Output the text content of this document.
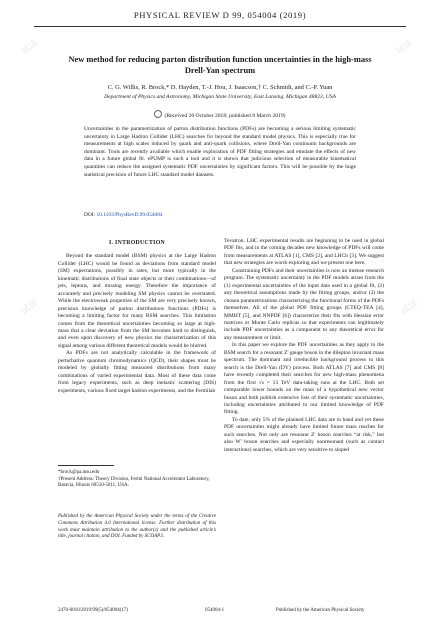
试读	试读
试读	试读
PHYSICAL REVIEW D 99, 054004 (2019)
New method for reducing parton distribution function uncertainties in the high-mass Drell-Yan spectrum
C. G. Willis, R. Brock,* D. Hayden, T.-J. Hou, J. Isaacson,† C. Schmidt, and C.-P. Yuan
Department of Physics and Astronomy, Michigan State University, East Lansing, Michigan 48823, USA
(Received 26 October 2018; published 8 March 2019)
Uncertainties in the parametrization of parton distribution functions (PDFs) are becoming a serious limiting systematic uncertainty in Large Hadron Collider (LHC) searches for beyond the standard model physics. This is especially true for measurements at high scales induced by quark and anti-quark collisions, where Drell-Yan continuum backgrounds are dominant. Tools are recently available which enable exploration of PDF fitting strategies and emulate the effects of new data in a future global fit. ePUMP is such a tool and it is shown that judicious selection of measurable kinematical quantities can reduce the assigned systematic PDF uncertainties by significant factors. This will be possible by the huge statistical precision of future LHC standard model datasets.
DOI: 10.1103/PhysRevD.99.054004
I. INTRODUCTION

Beyond the standard model (BSM) physics at the Large Hadron Collider (LHC) would be found as deviations from standard model (SM) expectations, possibly in rates, but more typically in the kinematic distributions of final state objects or their combinations—of jets, leptons, and missing energy. Therefore the importance of accurately and precisely modeling SM physics cannot be overstated. While the electroweak properties of the SM are very precisely known, precision knowledge of parton distributions functions (PDFs) is becoming a limiting factor for many BSM searches. This limitation comes from the theoretical uncertainties becoming so large at high-mass that a clear deviation from the SM becomes hard to distinguish, and even upon discovery of new physics the characterization of this signal among various different theoretical models would be blurred.

As PDFs are not analytically calculable in the framework of perturbative quantum chromodynamics (QCD), their shapes must be modeled by globally fitting measured distributions from many combinations of varied experimental data. Most of these data come from legacy experiments, such as deep inelastic scattering (DIS) experiments, various fixed target hadron experiments, and the Fermilab

Tevatron. LHC experimental results are beginning to be used in global PDF fits, and in the coming decades new knowledge of PDFs will come from measurements at ATLAS [1], CMS [2], and LHCb [3]. We suggest that new strategies are worth exploring and we present one here.

Constraining PDFs and their uncertainties is now an intense research program. The systematic uncertainty in the PDF models arises from the (1) experimental uncertainties of the input data used in a global fit, (2) any theoretical assumptions made by the fitting groups, and/or (3) the chosen parametrizations characterizing the functional forms of the PDFs themselves. All of the global PDF fitting groups (CTEQ-TEA [4], MMHT [5], and NNPDF [6]) characterize their fits with Hessian error matrices or Monte Carlo replicas so that experiments can legitimately include PDF uncertainties as a component to any theoretical error for any measurement or limit.

In this paper we explore the PDF uncertainties as they apply to the BSM search for a resonant Z' gauge boson in the dilepton invariant mass spectrum. The dominant and irreducible background process to this search is the Drell-Yan (DY) process. Both ATLAS [7] and CMS [8] have recently completed their searches for new high-mass phenomena from the first √s = 13 TeV data-taking runs at the LHC. Both set comparable lower bounds on the mass of a hypothetical new vector boson and both publish extensive lists of their systematic uncertainties, including uncertainties attributed to our limited knowledge of PDF fitting.

To date, only 5% of the planned LHC data are in hand and yet these PDF uncertainties might already have limited future mass reaches for such searches. Not only are resonant Z' boson searches “at risk,” but also W' boson searches and especially nonresonant (such as contact interactions) searches, which are very sensitive to sloped

*brock@pa.msu.edu
†Present Address: Theory Division, Fermi National Accelerator Laboratory, Batavia, Illinois 60510-5011, USA.
Published by the American Physical Society under the terms of the Creative Commons Attribution 4.0 International license. Further distribution of this work must maintain attribution to the author(s) and the published article’s title, journal citation, and DOI. Funded by SCOAP3.
2470-0010/2019/99(5)/054004(17)	054004-1	Published by the American Physical Society
